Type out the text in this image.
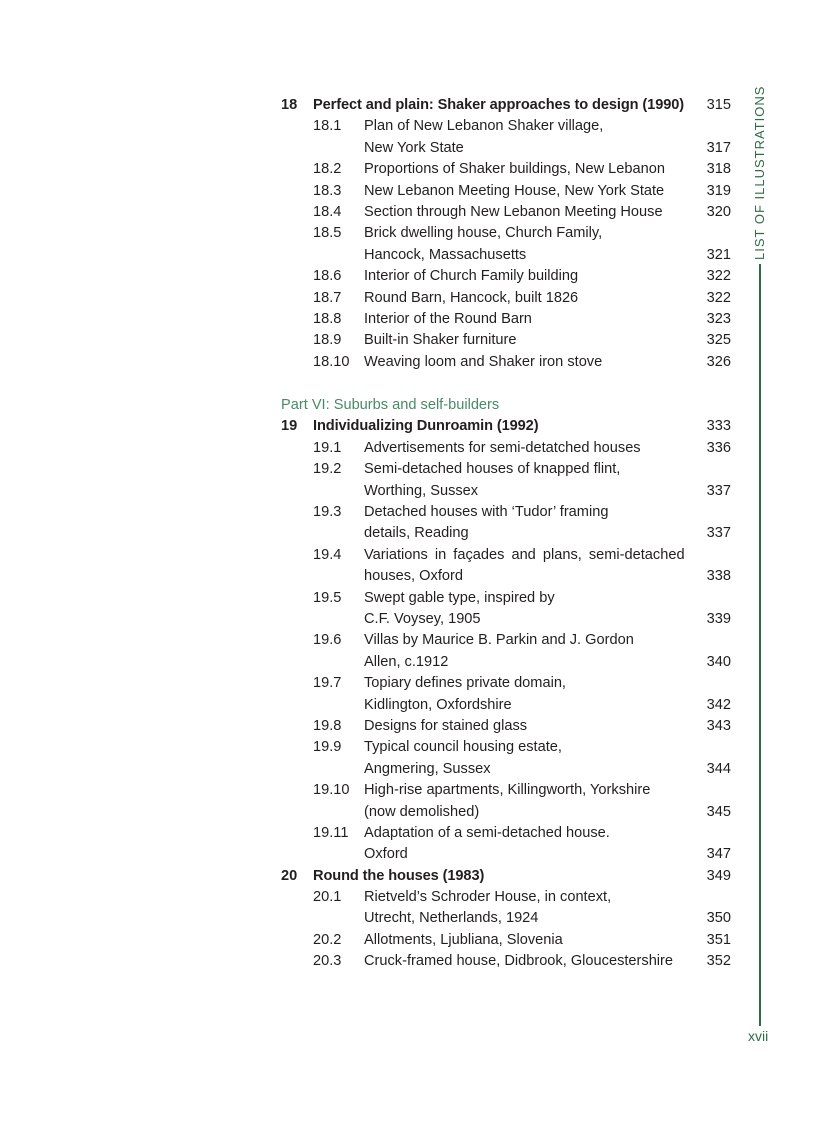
18 Perfect and plain: Shaker approaches to design (1990) 315
18.1 Plan of New Lebanon Shaker village,
New York State	317
18.2 Proportions of Shaker buildings, New Lebanon	318
18.3 New Lebanon Meeting House, New York State	319
18.4 Section through New Lebanon Meeting House	320
18.5 Brick dwelling house, Church Family,
Hancock, Massachusetts	321
18.6 Interior of Church Family building	322
18.7 Round Barn, Hancock, built 1826	322
18.8 Interior of the Round Barn	323
18.9 Built-in Shaker furniture	325
18.10 Weaving loom and Shaker iron stove	326
Part VI: Suburbs and self-builders
19 Individualizing Dunroamin (1992)	333
19.1 Advertisements for semi-detatched houses	336
19.2 Semi-detached houses of knapped flint,
Worthing, Sussex	337
19.3 Detached houses with ‘Tudor’ framing
details, Reading	337
19.4 Variations in façades and plans, semi-detached
houses, Oxford	338
19.5 Swept gable type, inspired by
C.F. Voysey, 1905	339
19.6 Villas by Maurice B. Parkin and J. Gordon
Allen, c.1912	340
19.7 Topiary defines private domain,
Kidlington, Oxfordshire	342
19.8 Designs for stained glass	343
19.9 Typical council housing estate,
Angmering, Sussex	344
19.10 High-rise apartments, Killingworth, Yorkshire
(now demolished)	345
19.11 Adaptation of a semi-detached house.
Oxford	347
20 Round the houses (1983)	349
20.1 Rietveld’s Schroder House, in context,
Utrecht, Netherlands, 1924	350
20.2 Allotments, Ljubliana, Slovenia	351
20.3 Cruck-framed house, Didbrook, Gloucestershire 352
LIST OF ILLUSTRATIONS
xvii
